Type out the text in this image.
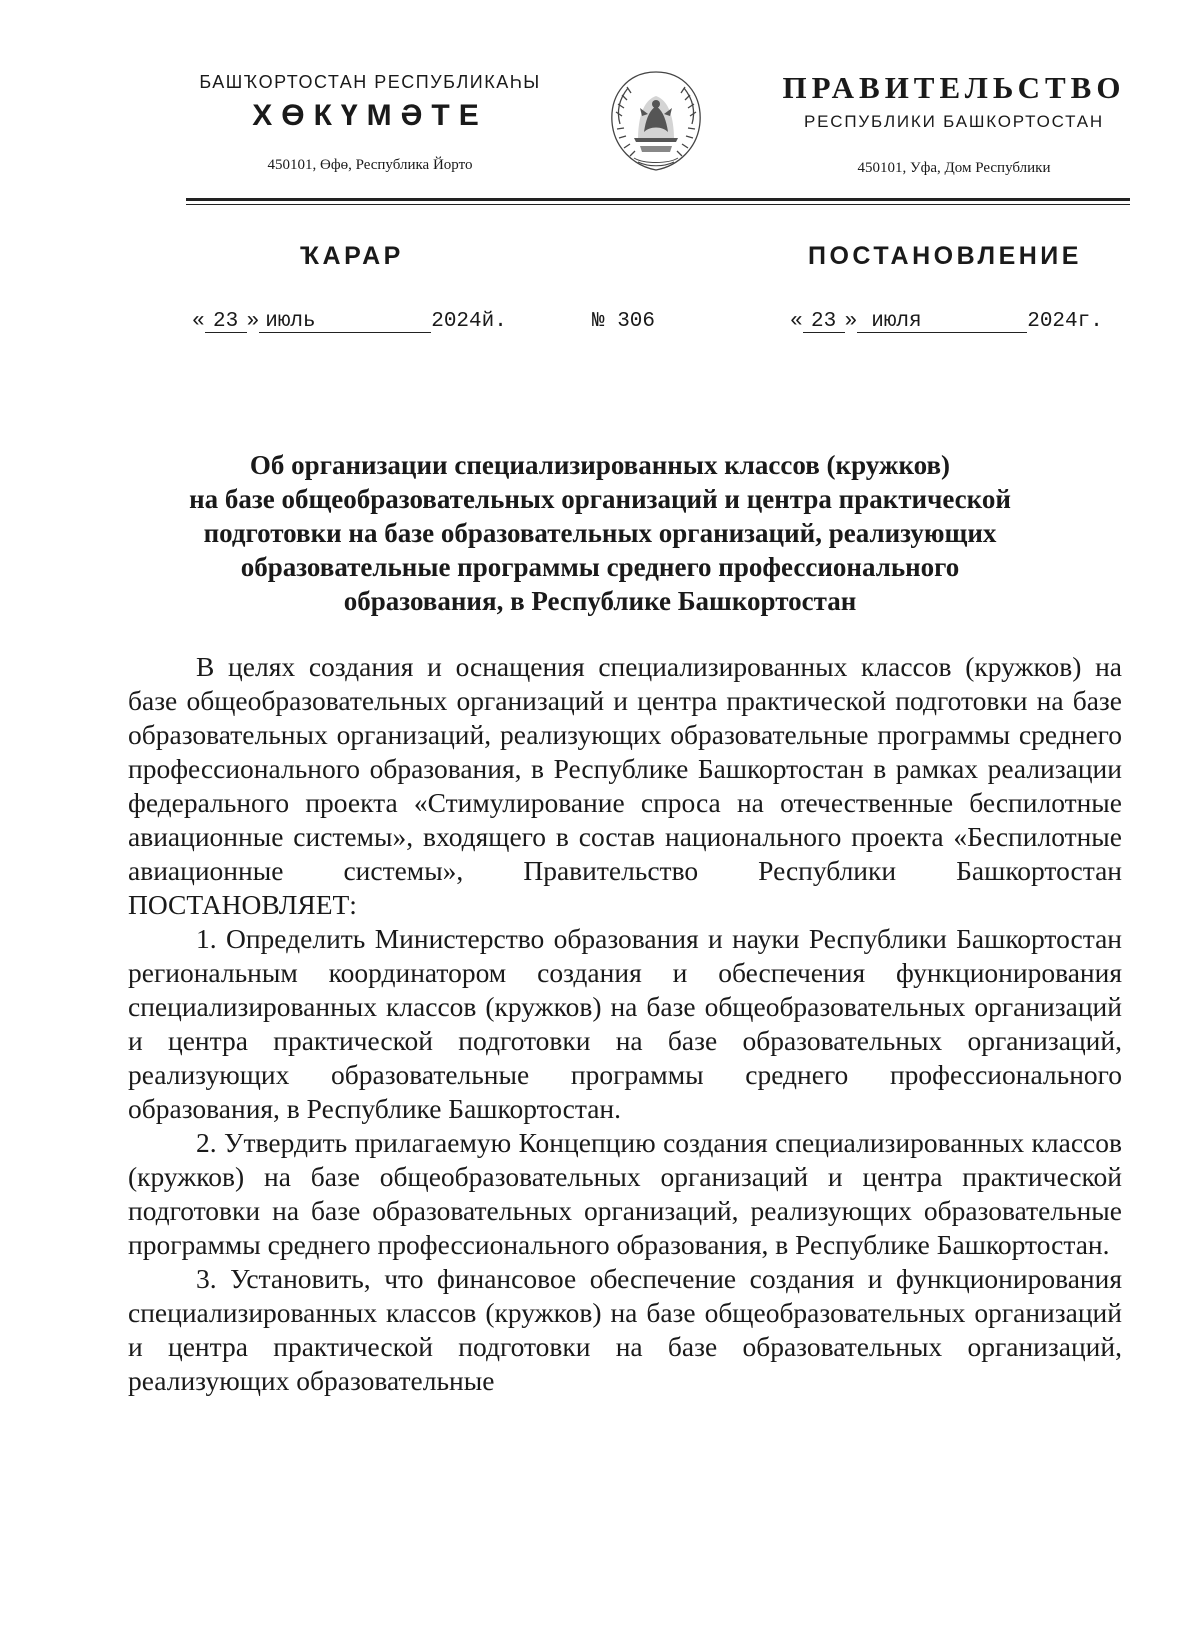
БАШҠОРТОСТАН РЕСПУБЛИКАҺЫ
ХӨКҮМӘТЕ
450101, Өфө, Республика Йорто
ПРАВИТЕЛЬСТВО
РЕСПУБЛИКИ БАШКОРТОСТАН
450101, Уфа, Дом Республики
ҠАРАР	ПОСТАНОВЛЕНИЕ
« 23 » июль	2024й.	№ 306	« 23 » июля	2024г.
Об организации специализированных классов (кружков)
на базе общеобразовательных организаций и центра практической
подготовки на базе образовательных организаций, реализующих
образовательные программы среднего профессионального
образования, в Республике Башкортостан

В целях создания и оснащения специализированных классов (кружков) на базе общеобразовательных организаций и центра практической подготовки на базе образовательных организаций, реализующих образовательные программы среднего профессионального образования, в Республике Башкортостан в рамках реализации федерального проекта «Стимулирование спроса на отечественные беспилотные авиационные системы», входящего в состав национального проекта «Беспилотные авиационные системы», Правительство Республики Башкортостан ПОСТАНОВЛЯЕТ:

1. Определить Министерство образования и науки Республики Башкортостан региональным координатором создания и обеспечения функционирования специализированных классов (кружков) на базе общеобразовательных организаций и центра практической подготовки на базе образовательных организаций, реализующих образовательные программы среднего профессионального образования, в Республике Башкортостан.

2. Утвердить прилагаемую Концепцию создания специализированных классов (кружков) на базе общеобразовательных организаций и центра практической подготовки на базе образовательных организаций, реализующих образовательные программы среднего профессионального образования, в Республике Башкортостан.

3. Установить, что финансовое обеспечение создания и функционирования специализированных классов (кружков) на базе общеобразовательных организаций и центра практической подготовки на базе образовательных организаций, реализующих образовательные
